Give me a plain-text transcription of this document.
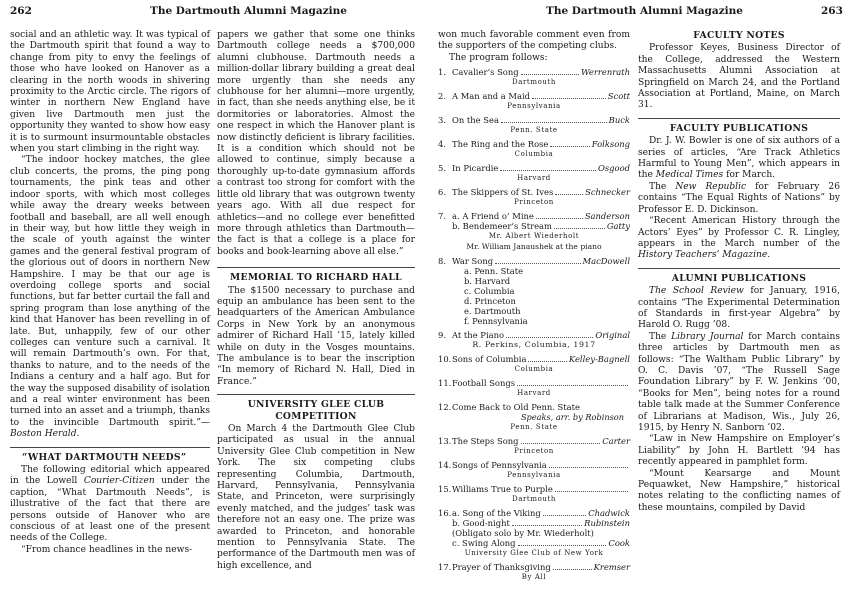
262	The Dartmouth Alumni Magazine

social and an athletic way. It was typical of the Dartmouth spirit that found a way to change from pity to envy the feelings of those who have looked on Hanover as a clearing in the north woods in shivering proximity to the Arctic circle. The rigors of winter in northern New England have given live Dartmouth men just the opportunity they wanted to show how easy it is to surmount insurmountable obstacles when you start climbing in the right way.

“The indoor hockey matches, the glee club concerts, the proms, the ping pong tournaments, the pink teas and other indoor sports, with which most colleges while away the dreary weeks between football and baseball, are all well enough in their way, but how little they weigh in the scale of youth against the winter games and the general festival program of the glorious out of doors in northern New Hampshire. I may be that our age is overdoing college sports and social functions, but far better curtail the fall and spring program than lose anything of the kind that Hanover has been revelling in of late. But, unhappily, few of our other colleges can venture such a carnival. It will remain Dartmouth’s own. For that, thanks to nature, and to the needs of the Indians a century and a half ago. But for the way the supposed disability of isolation and a real winter environment has been turned into an asset and a triumph, thanks to the invincible Dartmouth spirit.”—Boston Herald.

“WHAT DARTMOUTH NEEDS”

The following editorial which appeared in the Lowell Courier-Citizen under the caption, “What Dartmouth Needs”, is illustrative of the fact that there are persons outside of Hanover who are conscious of at least one of the present needs of the College.

“From chance headlines in the news-

papers we gather that some one thinks Dartmouth college needs a $700,000 alumni clubhouse. Dartmouth needs a million-dollar library building a great deal more urgently than she needs any clubhouse for her alumni—more urgently, in fact, than she needs anything else, be it dormitories or laboratories. Almost the one respect in which the Hanover plant is now distinctly deficient is library facilities. It is a condition which should not be allowed to continue, simply because a thoroughly up-to-date gymnasium affords a contrast too strong for comfort with the little old library that was outgrown twenty years ago. With all due respect for athletics—and no college ever benefitted more through athletics than Dartmouth—the fact is that a college is a place for books and book-learning above all else.”

MEMORIAL TO RICHARD HALL

The $1500 necessary to purchase and equip an ambulance has been sent to the headquarters of the American Ambulance Corps in New York by an anonymous admirer of Richard Hall ’15, lately killed while on duty in the Vosges mountains. The ambulance is to bear the inscription “In memory of Richard N. Hall, Died in France.”

UNIVERSITY GLEE CLUB COMPETITION

On March 4 the Dartmouth Glee Club participated as usual in the annual University Glee Club competition in New York. The six competing clubs representing Columbia, Dartmouth, Harvard, Pennsylvania, Pennsylvania State, and Princeton, were surprisingly evenly matched, and the judges’ task was therefore not an easy one. The prize was awarded to Princeton, and honorable mention to Pennsylvania State. The performance of the Dartmouth men was of high excellence, and

The Dartmouth Alumni Magazine	263

won much favorable comment even from the supporters of the competing clubs.

The program follows:

1. Cavalier’s Song	Werrenrath
Dartmouth
2. A Man and a Maid	Scott
Pennsylvania
3. On the Sea	Buck
Penn. State
4. The Ring and the Rose	Folksong
Columbia
5. In Picardie	Osgood
Harvard
6. The Skippers of St. Ives	Schnecker
Princeton
7. a. A Friend o’ Mine	Sanderson
b. Bendemeer’s Stream	Gatty
Mr. Albert Wiederholt
Mr. William Janaushek at the piano
8. War Song	MacDowell
a. Penn. State
b. Harvard
c. Columbia
d. Princeton
e. Dartmouth
f. Pennsylvania
9. At the Piano	Original
R. Perkins, Columbia, 1917
10. Sons of Columbia	Kelley-Bagnell
Columbia
11. Football Songs
Harvard
12. Come Back to Old Penn. State
Speaks, arr. by Robinson
Penn. State
13. The Steps Song	Carter
Princeton
14. Songs of Pennsylvania
Pennsylvania
15. Williams True to Purple
Dartmouth
16. a. Song of the Viking	Chadwick
b. Good-night	Rubinstein
(Obligato solo by Mr. Wiederholt)
c. Swing Along	Cook
University Glee Club of New York
17. Prayer of Thanksgiving	Kremser
By All
FACULTY NOTES

Professor Keyes, Business Director of the College, addressed the Western Massachusetts Alumni Association at Springfield on March 24, and the Portland Association at Portland, Maine, on March 31.

FACULTY PUBLICATIONS

Dr. J. W. Bowler is one of six authors of a series of articles, “Are Track Athletics Harmful to Young Men”, which appears in the Medical Times for March.

The New Republic for February 26 contains “The Equal Rights of Nations” by Professor E. D. Dickinson.

“Recent American History through the Actors’ Eyes” by Professor C. R. Lingley, appears in the March number of the History Teachers’ Magazine.

ALUMNI PUBLICATIONS

The School Review for January, 1916, contains “The Experimental Determination of Standards in first-year Algebra” by Harold O. Rugg ’08.

The Library Journal for March contains three articles by Dartmouth men as follows: “The Waltham Public Library” by O. C. Davis ’07, “The Russell Sage Foundation Library” by F. W. Jenkins ’00, “Books for Men”, being notes for a round table talk made at the Summer Conference of Librarians at Madison, Wis., July 26, 1915, by Henry N. Sanborn ’02.

“Law in New Hampshire on Employer’s Liability” by John H. Bartlett ’94 has recently appeared in pamphlet form.

“Mount Kearsarge and Mount Pequawket, New Hampshire,” historical notes relating to the conflicting names of these mountains, compiled by David
